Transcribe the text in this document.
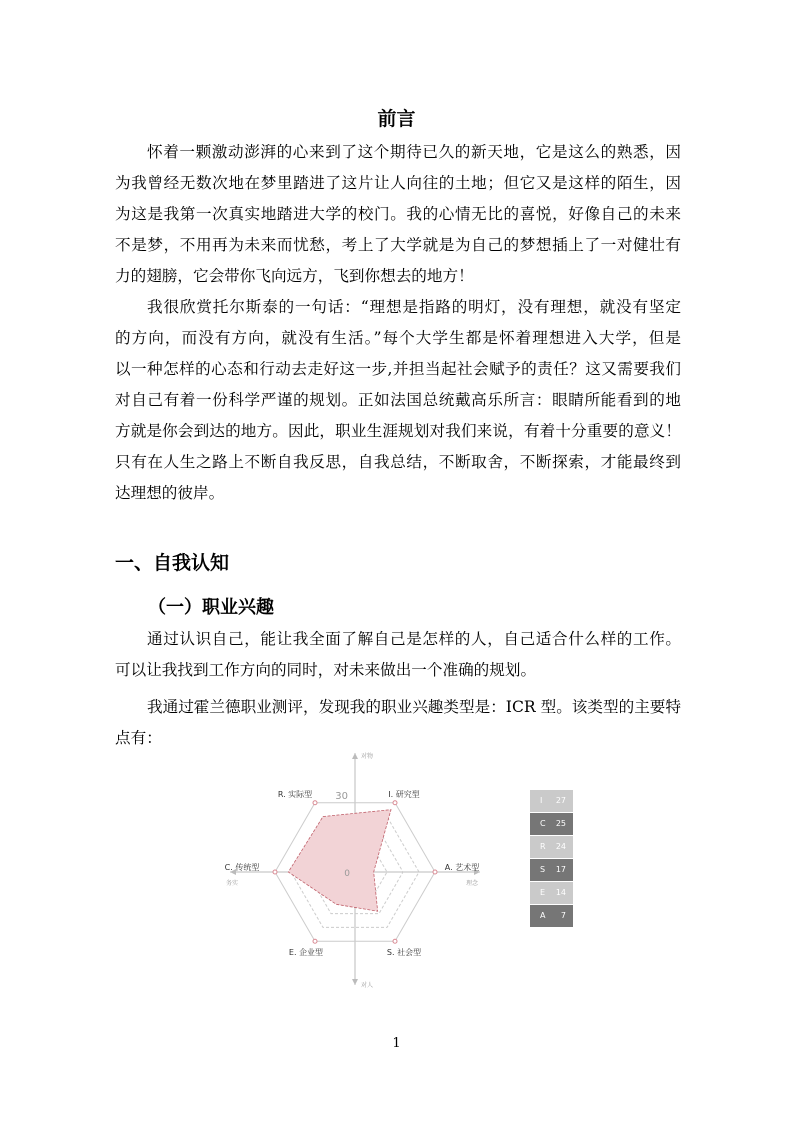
前言
怀着一颗激动澎湃的心来到了这个期待已久的新天地，它是这么的熟悉，因
为我曾经无数次地在梦里踏进了这片让人向往的土地；但它又是这样的陌生，因
为这是我第一次真实地踏进大学的校门。我的心情无比的喜悦，好像自己的未来
不是梦，不用再为未来而忧愁，考上了大学就是为自己的梦想插上了一对健壮有
力的翅膀，它会带你飞向远方，飞到你想去的地方！
我很欣赏托尔斯泰的一句话：“理想是指路的明灯，没有理想，就没有坚定
的方向，而没有方向，就没有生活。”每个大学生都是怀着理想进入大学，但是
以一种怎样的心态和行动去走好这一步,并担当起社会赋予的责任？这又需要我们
对自己有着一份科学严谨的规划。正如法国总统戴高乐所言：眼睛所能看到的地
方就是你会到达的地方。因此，职业生涯规划对我们来说，有着十分重要的意义！
只有在人生之路上不断自我反思，自我总结，不断取舍，不断探索，才能最终到
达理想的彼岸。
一、自我认知
（一）职业兴趣
通过认识自己，能让我全面了解自己是怎样的人，自己适合什么样的工作。
可以让我找到工作方向的同时，对未来做出一个准确的规划。
我通过霍兰德职业测评，发现我的职业兴趣类型是：ICR 型。该类型的主要特
点有：
R. 实际型	I. 研究型
A. 艺术型
S. 社会型
E. 企业型
C. 传统型
30
0
对物
对人
务实	理念
I 27
C 25
R 24
S 17
E 14
A 7
1
